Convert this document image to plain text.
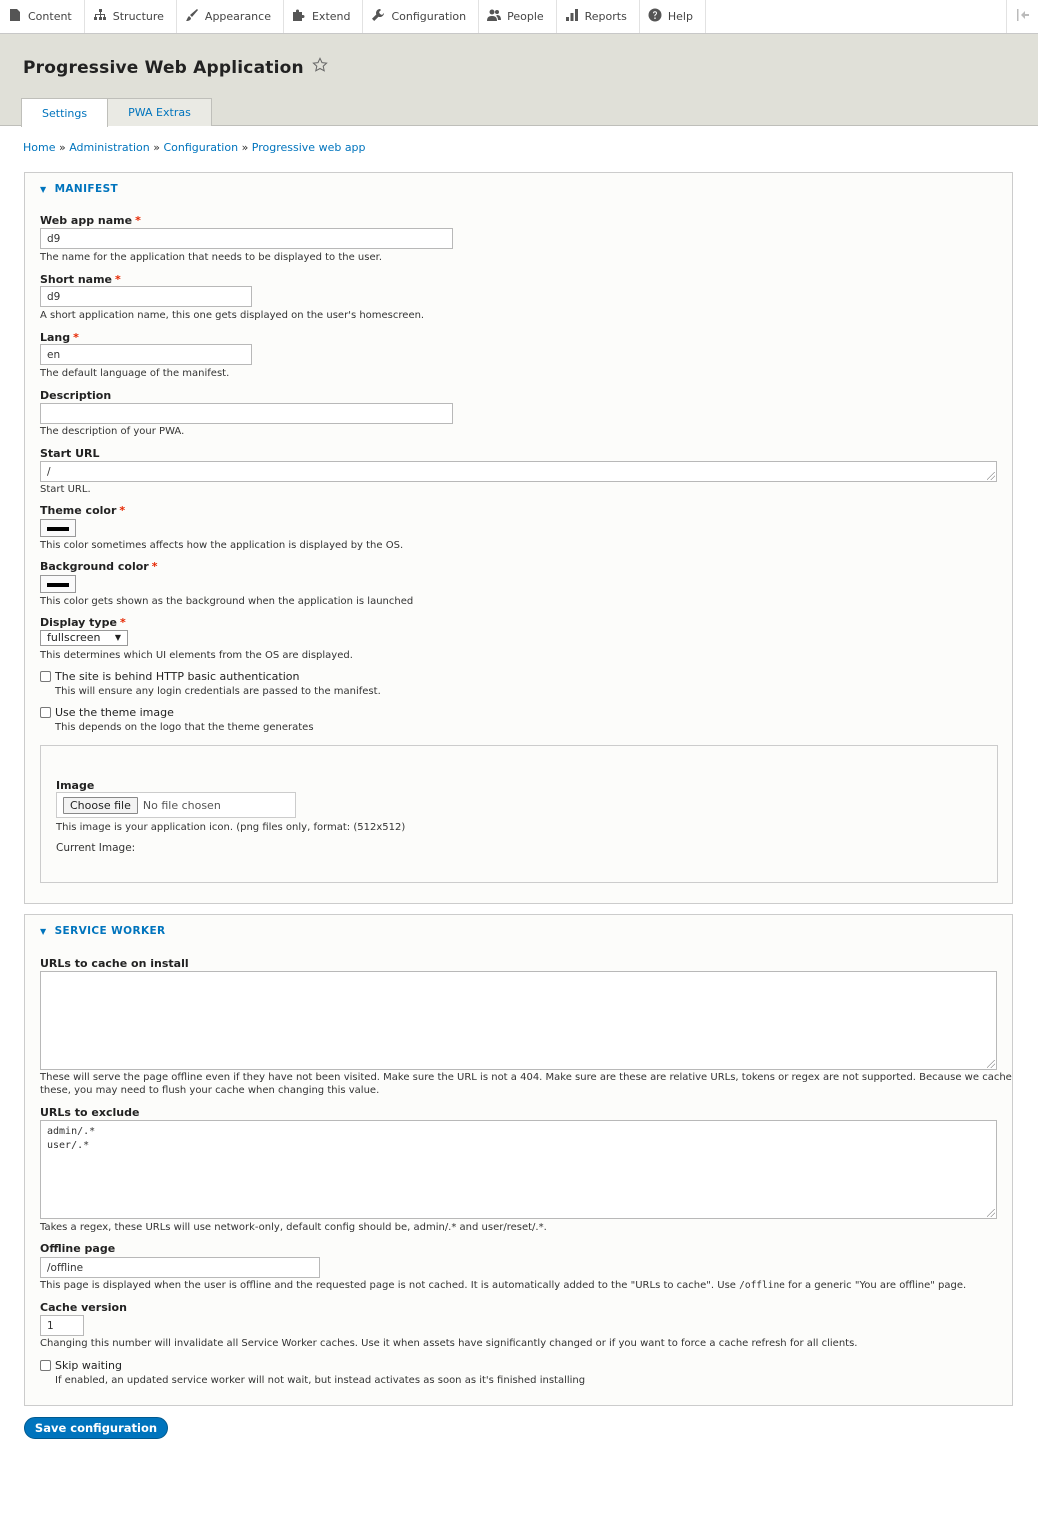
Content	Structure	Appearance	Extend	Configuration	People	Reports	Help
Progressive Web Application
Settings	PWA Extras
Home » Administration » Configuration » Progressive web app
▼ MANIFEST
Web app name *
d9
The name for the application that needs to be displayed to the user.
Short name *
d9
A short application name, this one gets displayed on the user's homescreen.
Lang *
en
The default language of the manifest.
Description
The description of your PWA.
Start URL
/
Start URL.
Theme color *
This color sometimes affects how the application is displayed by the OS.
Background color *
This color gets shown as the background when the application is launched
Display type *
fullscreen ▼
This determines which UI elements from the OS are displayed.
The site is behind HTTP basic authentication
This will ensure any login credentials are passed to the manifest.
Use the theme image
This depends on the logo that the theme generates
Image
Choose file	No file chosen
This image is your application icon. (png files only, format: (512x512)
Current Image:
▼ SERVICE WORKER
URLs to cache on install
These will serve the page offline even if they have not been visited. Make sure the URL is not a 404. Make sure are these are relative URLs, tokens or regex are not supported. Because we cache
these, you may need to flush your cache when changing this value.
URLs to exclude
admin/.*
user/.*
Takes a regex, these URLs will use network-only, default config should be, admin/.* and user/reset/.*.
Offline page
/offline
This page is displayed when the user is offline and the requested page is not cached. It is automatically added to the "URLs to cache". Use /offline for a generic "You are offline" page.
Cache version
1
Changing this number will invalidate all Service Worker caches. Use it when assets have significantly changed or if you want to force a cache refresh for all clients.
Skip waiting
If enabled, an updated service worker will not wait, but instead activates as soon as it's finished installing
Save configuration
